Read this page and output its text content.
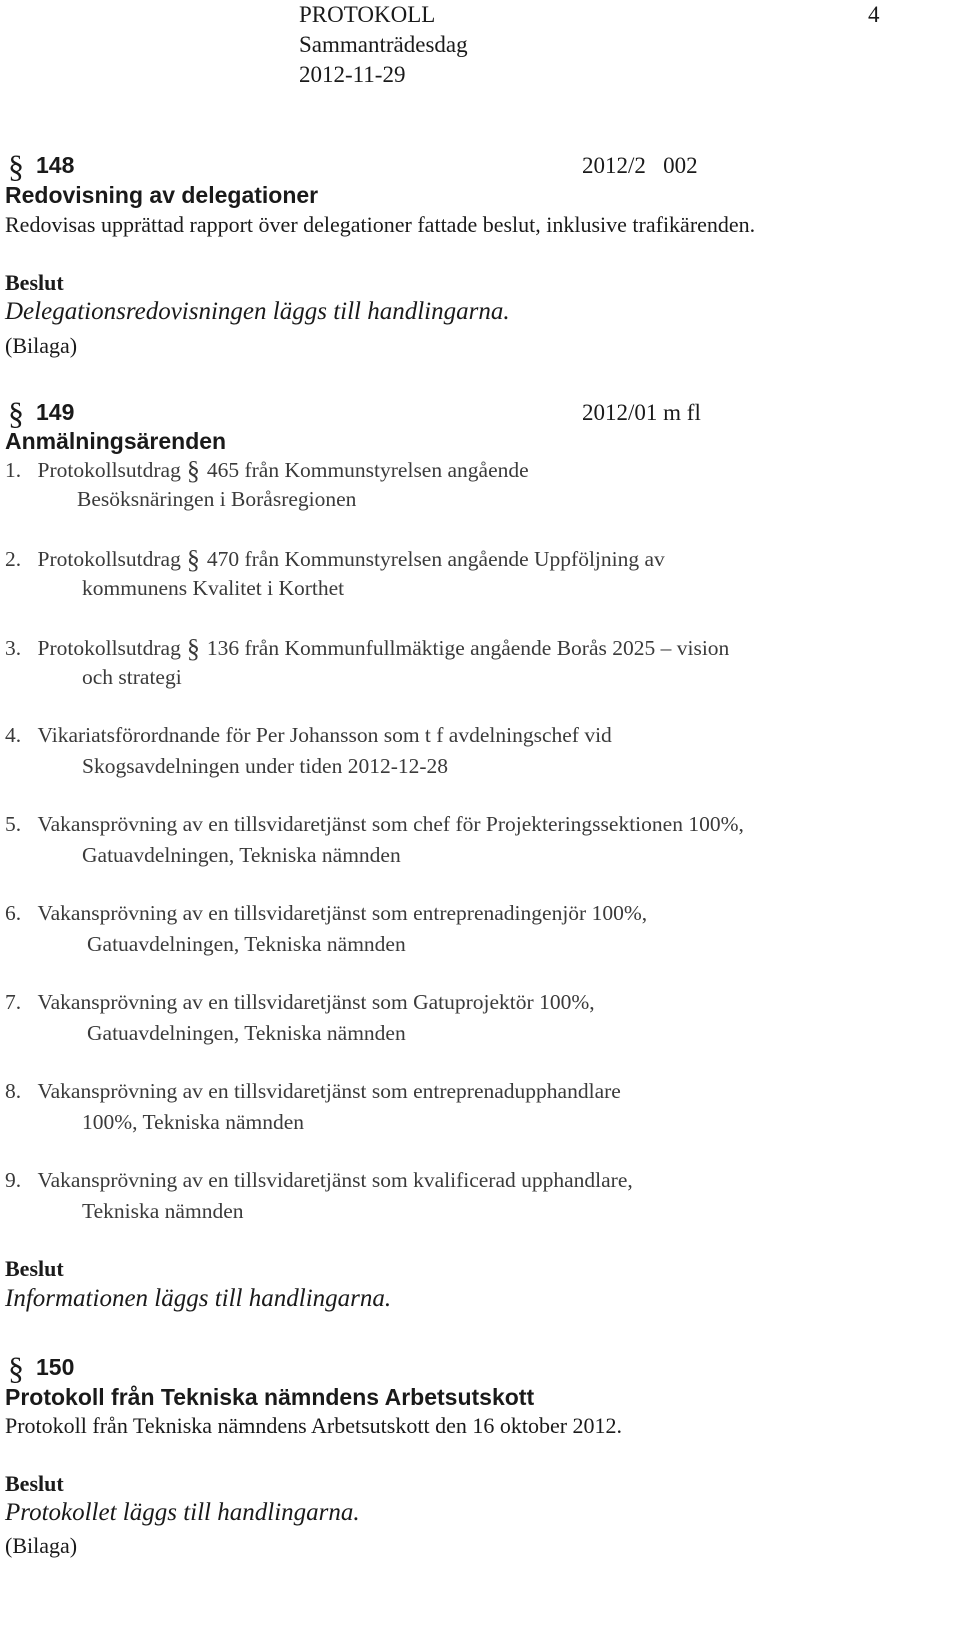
PROTOKOLL	4
Sammanträdesdag
2012-11-29
§ 148	2012/2   002
Redovisning av delegationer
Redovisas upprättad rapport över delegationer fattade beslut, inklusive trafikärenden.
Beslut
Delegationsredovisningen läggs till handlingarna.
(Bilaga)
§ 149	2012/01 m fl
Anmälningsärenden
1. Protokollsutdrag § 465 från Kommunstyrelsen angående
Besöksnäringen i Boråsregionen
2. Protokollsutdrag § 470 från Kommunstyrelsen angående Uppföljning av
kommunens Kvalitet i Korthet
3. Protokollsutdrag § 136 från Kommunfullmäktige angående Borås 2025 – vision
och strategi
4. Vikariatsförordnande för Per Johansson som t f avdelningschef vid
Skogsavdelningen under tiden 2012-12-28
5. Vakansprövning av en tillsvidaretjänst som chef för Projekteringssektionen 100%,
Gatuavdelningen, Tekniska nämnden
6. Vakansprövning av en tillsvidaretjänst som entreprenadingenjör 100%,
Gatuavdelningen, Tekniska nämnden
7. Vakansprövning av en tillsvidaretjänst som Gatuprojektör 100%,
Gatuavdelningen, Tekniska nämnden
8. Vakansprövning av en tillsvidaretjänst som entreprenadupphandlare
100%, Tekniska nämnden
9. Vakansprövning av en tillsvidaretjänst som kvalificerad upphandlare,
Tekniska nämnden
Beslut
Informationen läggs till handlingarna.
§ 150
Protokoll från Tekniska nämndens Arbetsutskott
Protokoll från Tekniska nämndens Arbetsutskott den 16 oktober 2012.
Beslut
Protokollet läggs till handlingarna.
(Bilaga)
